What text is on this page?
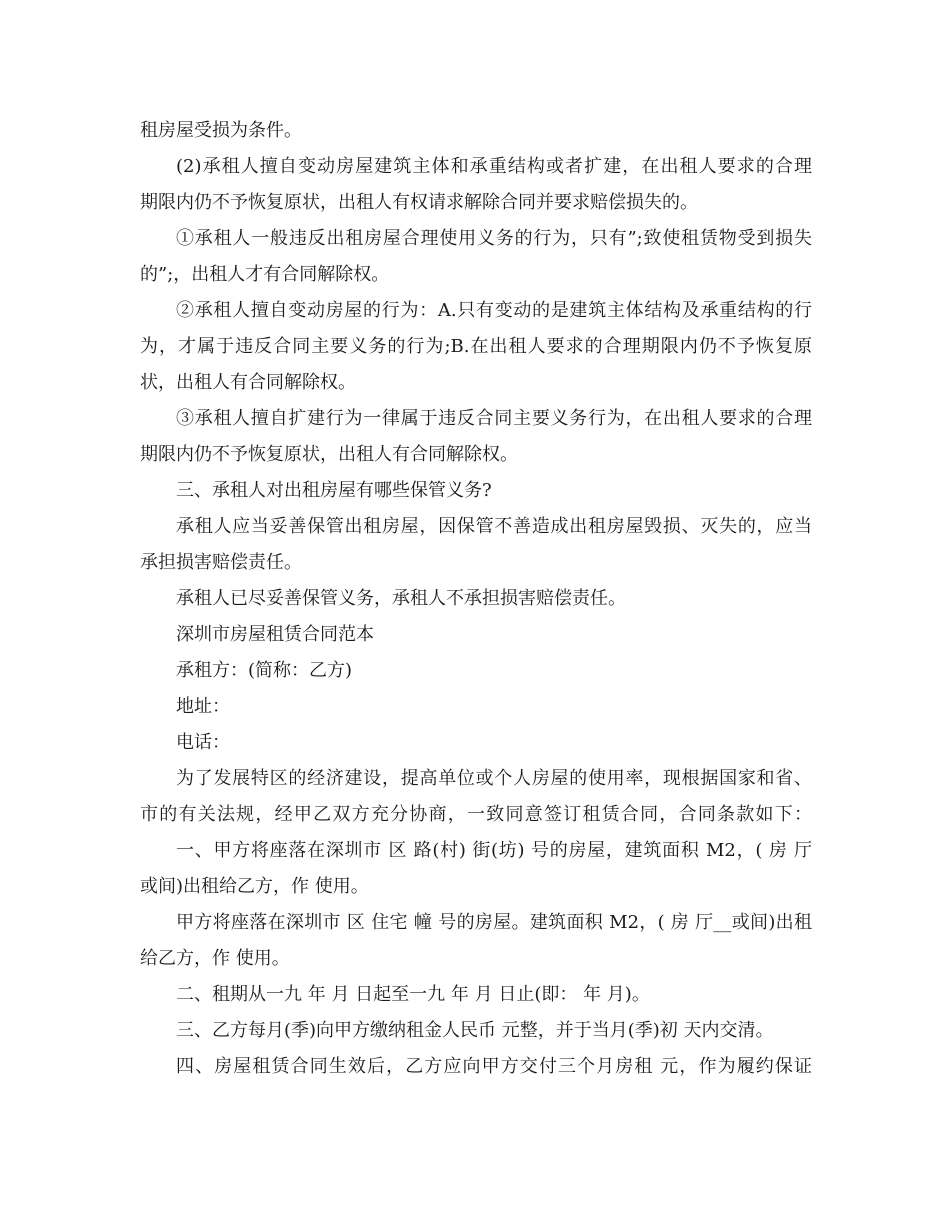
租房屋受损为条件。
(2)承租人擅自变动房屋建筑主体和承重结构或者扩建，在出租人要求的合理
期限内仍不予恢复原状，出租人有权请求解除合同并要求赔偿损失的。
①承租人一般违反出租房屋合理使用义务的行为，只有”;致使租赁物受到损失
的”;，出租人才有合同解除权。
②承租人擅自变动房屋的行为：A.只有变动的是建筑主体结构及承重结构的行
为，才属于违反合同主要义务的行为;B.在出租人要求的合理期限内仍不予恢复原
状，出租人有合同解除权。
③承租人擅自扩建行为一律属于违反合同主要义务行为，在出租人要求的合理
期限内仍不予恢复原状，出租人有合同解除权。
三、承租人对出租房屋有哪些保管义务?
承租人应当妥善保管出租房屋，因保管不善造成出租房屋毁损、灭失的，应当
承担损害赔偿责任。
承租人已尽妥善保管义务，承租人不承担损害赔偿责任。
深圳市房屋租赁合同范本
承租方：(简称：乙方)
地址：
电话：
为了发展特区的经济建设，提高单位或个人房屋的使用率，现根据国家和省、
市的有关法规，经甲乙双方充分协商，一致同意签订租赁合同，合同条款如下：
一、甲方将座落在深圳市 区 路(村) 街(坊) 号的房屋，建筑面积 M2，( 房 厅
或间)出租给乙方，作 使用。
甲方将座落在深圳市 区 住宅 幢 号的房屋。建筑面积 M2，( 房 厅__或间)出租
给乙方，作 使用。
二、租期从一九 年 月 日起至一九 年 月 日止(即： 年 月)。
三、乙方每月(季)向甲方缴纳租金人民币 元整，并于当月(季)初 天内交清。
四、房屋租赁合同生效后，乙方应向甲方交付三个月房租 元，作为履约保证
